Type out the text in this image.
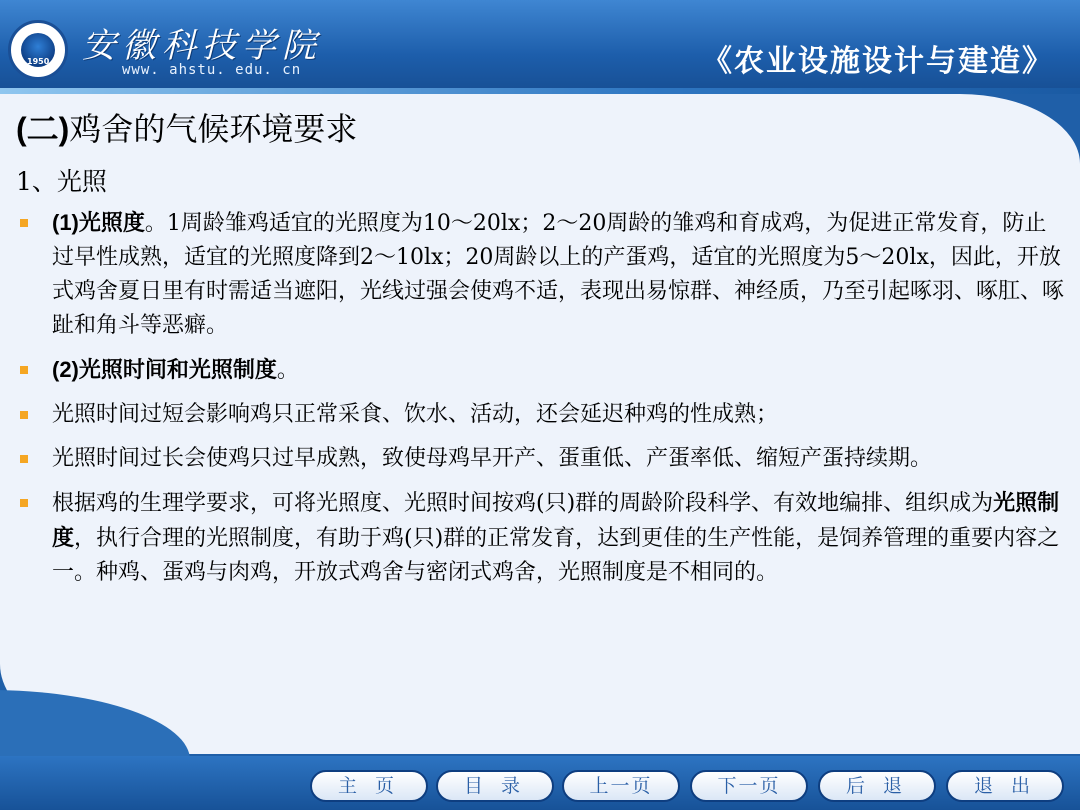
1950 安徽科技学院
www. ahstu. edu. cn	《农业设施设计与建造》
(二)鸡舍的气候环境要求
1、光照
(1)光照度。1周龄雏鸡适宜的光照度为10～20lx；2～20周龄的雏鸡和育成鸡，为促进正常发育，防止过早性成熟，适宜的光照度降到2～10lx；20周龄以上的产蛋鸡，适宜的光照度为5～20lx，因此，开放式鸡舍夏日里有时需适当遮阳，光线过强会使鸡不适，表现出易惊群、神经质，乃至引起啄羽、啄肛、啄趾和角斗等恶癖。
(2)光照时间和光照制度。
光照时间过短会影响鸡只正常采食、饮水、活动，还会延迟种鸡的性成熟；
光照时间过长会使鸡只过早成熟，致使母鸡早开产、蛋重低、产蛋率低、缩短产蛋持续期。
根据鸡的生理学要求，可将光照度、光照时间按鸡(只)群的周龄阶段科学、有效地编排、组织成为光照制度，执行合理的光照制度，有助于鸡(只)群的正常发育，达到更佳的生产性能，是饲养管理的重要内容之一。种鸡、蛋鸡与肉鸡，开放式鸡舍与密闭式鸡舍，光照制度是不相同的。
主 页	目 录	上一页	下一页	后 退	退 出
